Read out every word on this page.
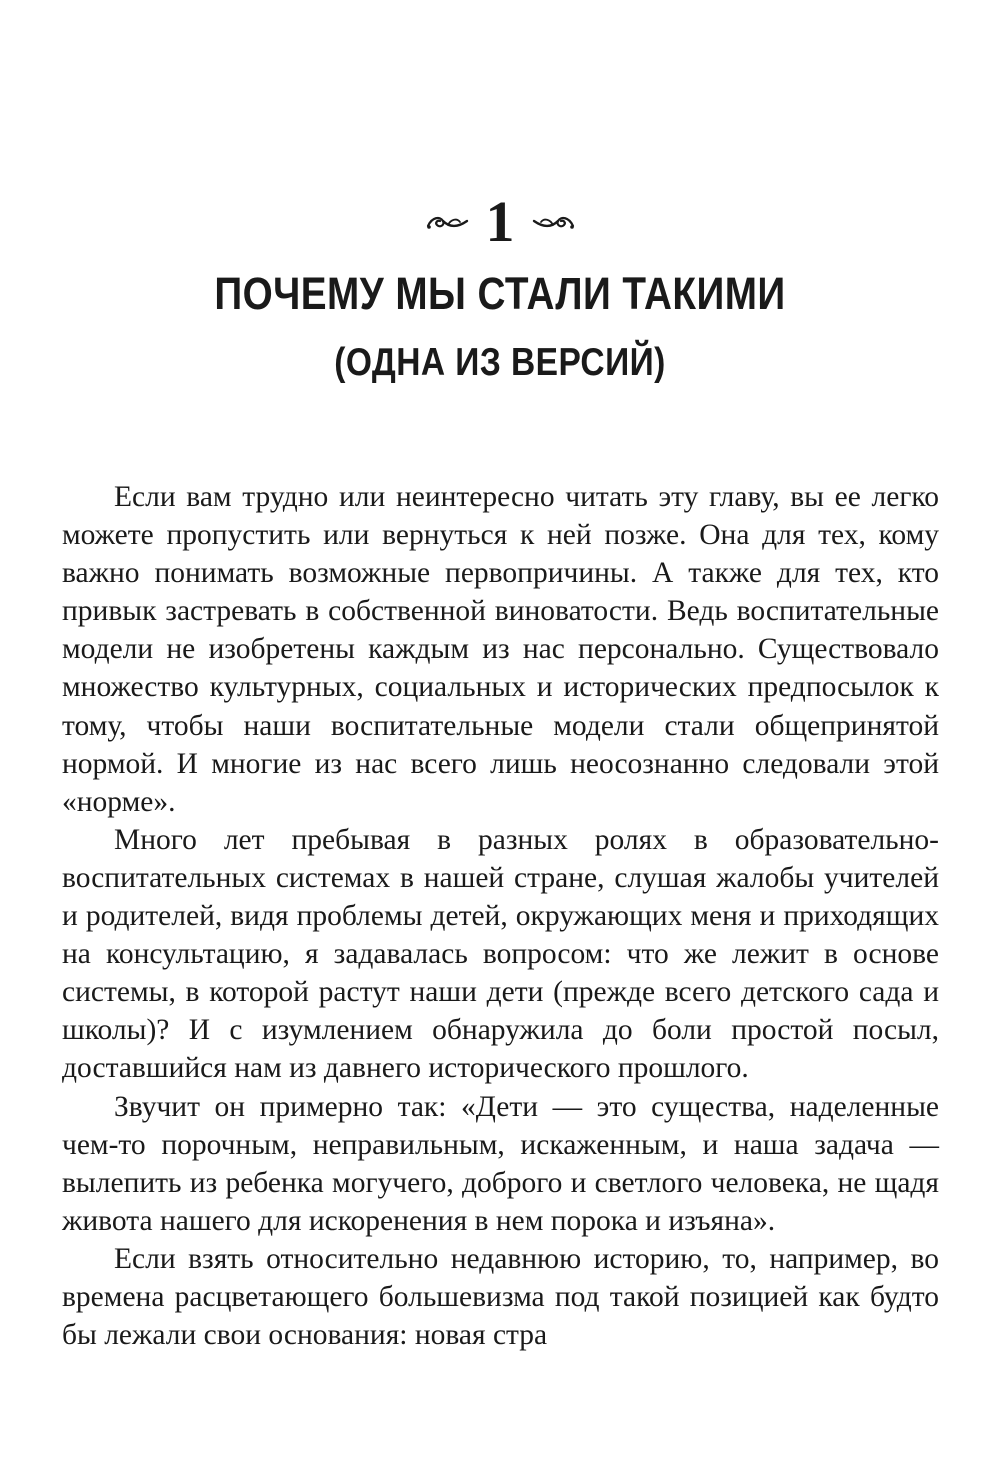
1
ПОЧЕМУ МЫ СТАЛИ ТАКИМИ
(ОДНА ИЗ ВЕРСИЙ)

Если вам трудно или неинтересно читать эту главу, вы ее легко можете пропустить или вернуться к ней позже. Она для тех, кому важно понимать возможные первопричины. А также для тех, кто привык застревать в собственной виноватости. Ведь воспитательные модели не изобретены каждым из нас персонально. Существовало множество культурных, социальных и исторических предпосылок к тому, чтобы наши воспитательные модели стали общепринятой нормой. И многие из нас всего лишь неосознанно следовали этой «норме».

Много лет пребывая в разных ролях в образовательно-воспитательных системах в нашей стране, слушая жалобы учителей и родителей, видя проблемы детей, окружающих меня и приходящих на консультацию, я задавалась вопросом: что же лежит в основе системы, в которой растут наши дети (прежде всего детского сада и школы)? И с изумлением обнаружила до боли простой посыл, доставшийся нам из давнего исторического прошлого.

Звучит он примерно так: «Дети — это существа, наделенные чем-то порочным, неправильным, искаженным, и наша задача — вылепить из ребенка могучего, доброго и светлого человека, не щадя живота нашего для искоренения в нем порока и изъяна».

Если взять относительно недавнюю историю, то, например, во времена расцветающего большевизма под такой позицией как будто бы лежали свои основания: новая стра
